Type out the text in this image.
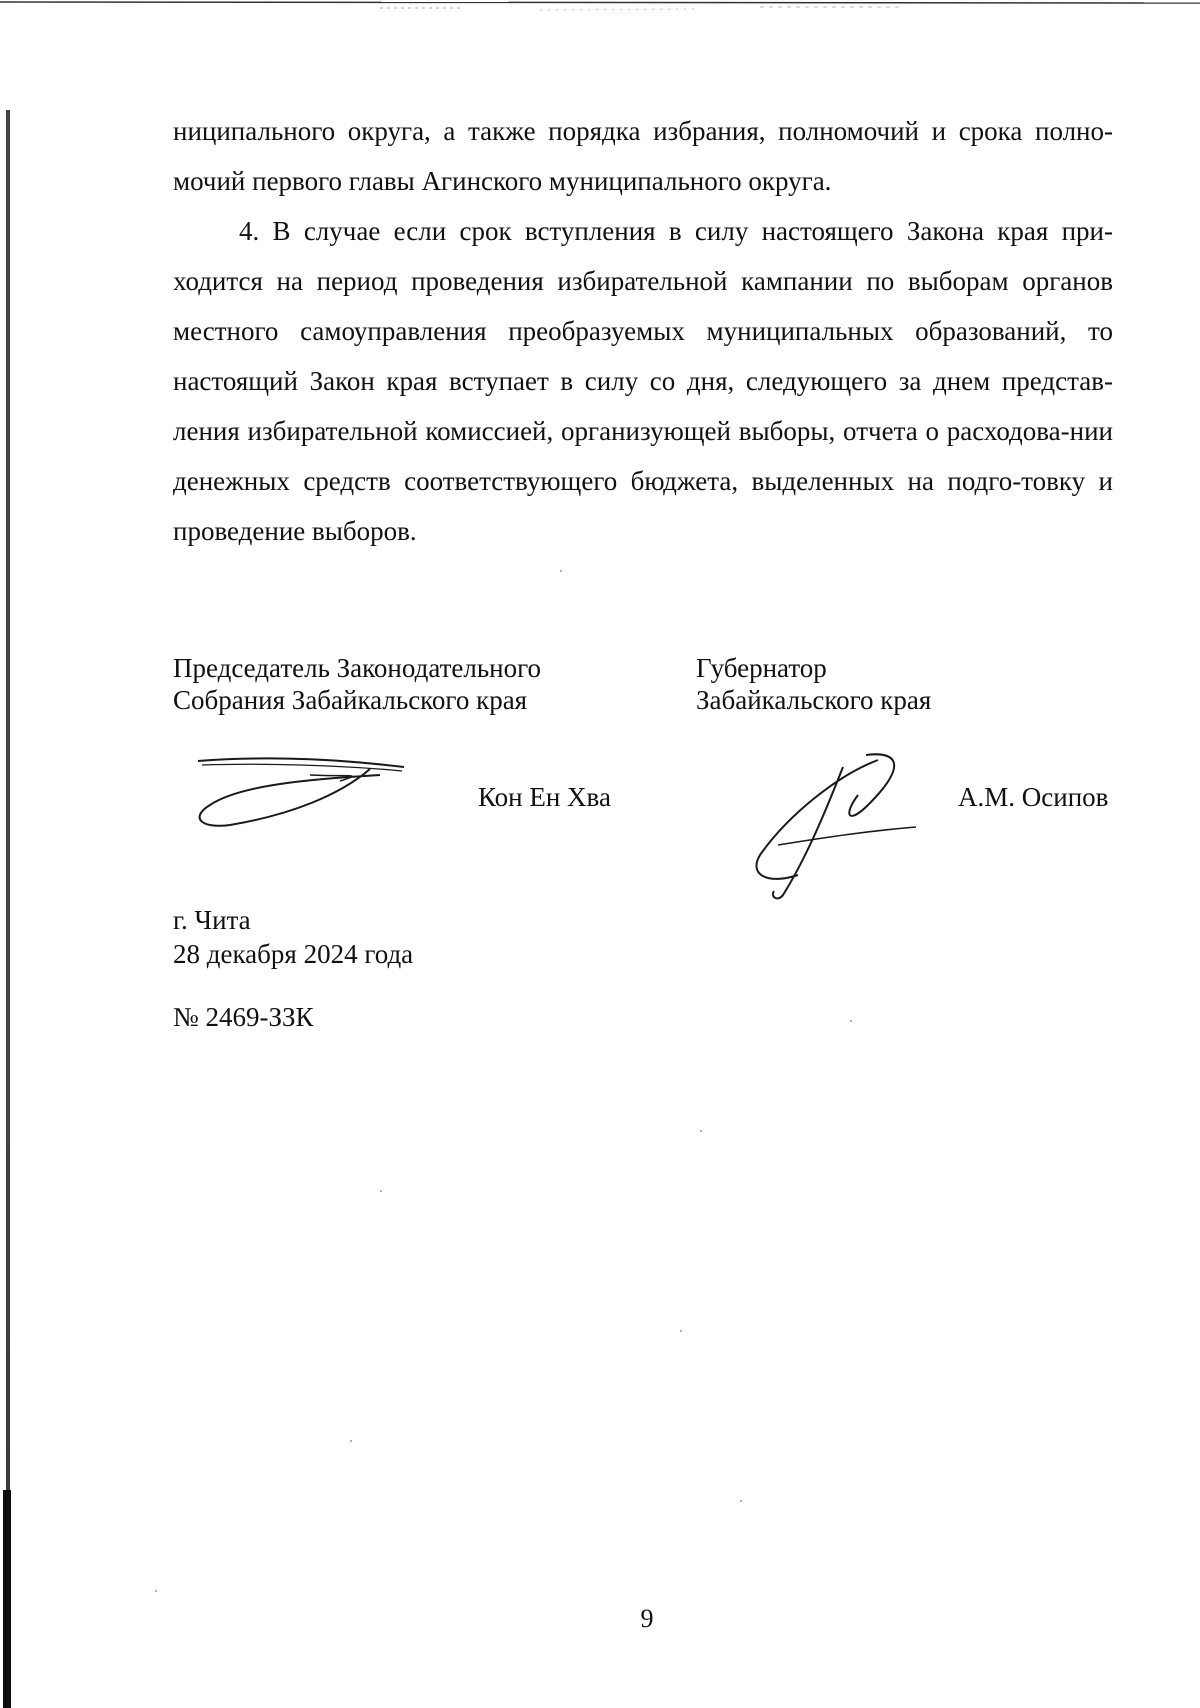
ниципального округа, а также порядка избрания, полномочий и срока полно-мочий первого главы Агинского муниципального округа.

4. В случае если срок вступления в силу настоящего Закона края при-ходится на период проведения избирательной кампании по выборам органов местного самоуправления преобразуемых муниципальных образований, то настоящий Закон края вступает в силу со дня, следующего за днем представ-ления избирательной комиссией, организующей выборы, отчета о расходова-нии денежных средств соответствующего бюджета, выделенных на подго-товку и проведение выборов.

Председатель Законодательного
Собрания Забайкальского края
Губернатор
Забайкальского края
Кон Ен Хва	А.М. Осипов
г. Чита
28 декабря 2024 года
№ 2469-ЗЗК
9
